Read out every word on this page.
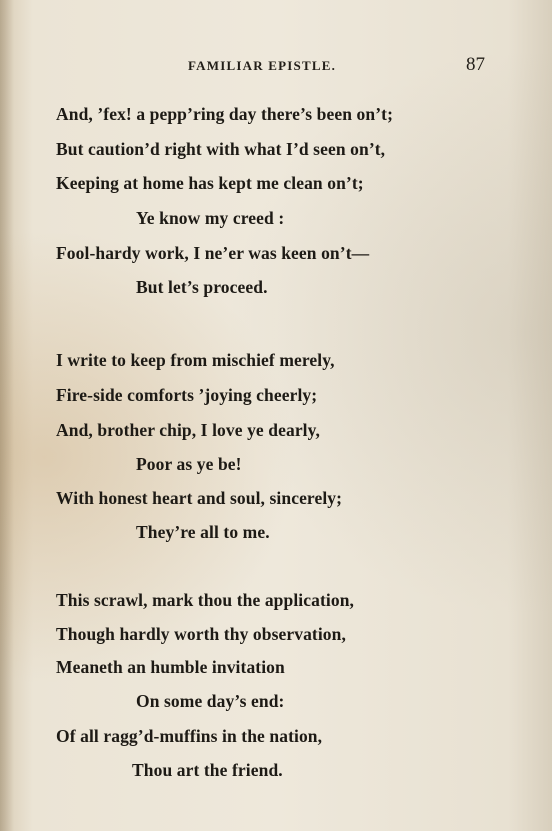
FAMILIAR EPISTLE.	87
And, ’fex! a pepp’ring day there’s been on’t;
But caution’d right with what I’d seen on’t,
Keeping at home has kept me clean on’t;
Ye know my creed :
Fool-hardy work, I ne’er was keen on’t—
But let’s proceed.
I write to keep from mischief merely,
Fire-side comforts ’joying cheerly;
And, brother chip, I love ye dearly,
Poor as ye be!
With honest heart and soul, sincerely;
They’re all to me.
This scrawl, mark thou the application,
Though hardly worth thy observation,
Meaneth an humble invitation
On some day’s end:
Of all ragg’d-muffins in the nation,
Thou art the friend.
